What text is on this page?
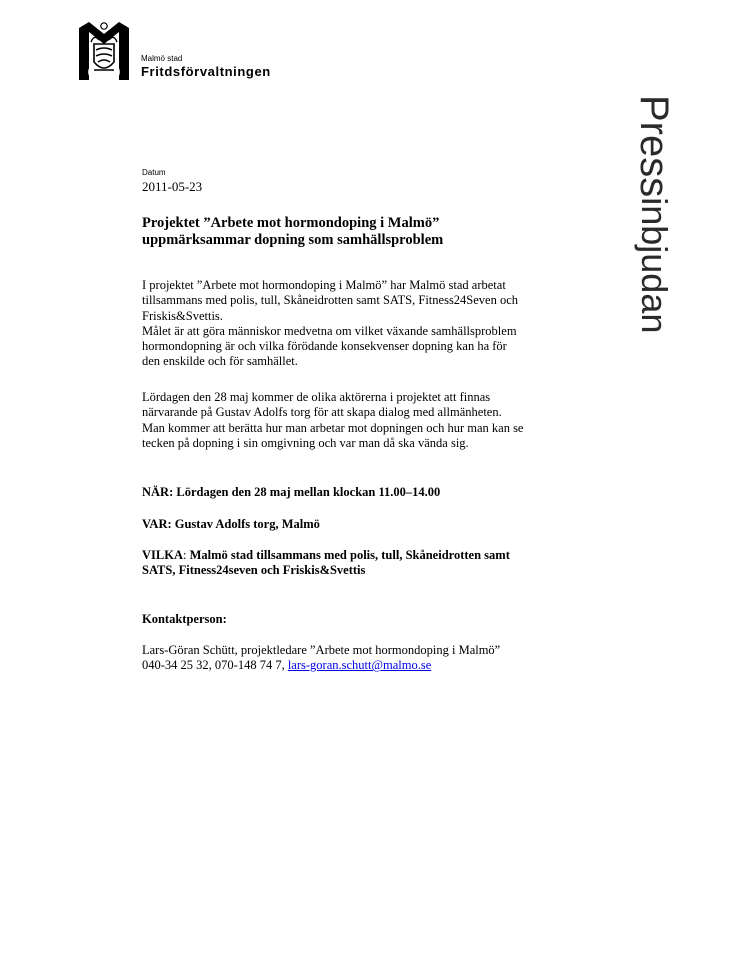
Malmö stad
Fritdsförvaltningen
Pressinbjudan
Datum
2011-05-23
Projektet ”Arbete mot hormondoping i Malmö”
uppmärksammar dopning som samhällsproblem
I projektet ”Arbete mot hormondoping i Malmö” har Malmö stad arbetat
tillsammans med polis, tull, Skåneidrotten samt SATS, Fitness24Seven och
Friskis&Svettis.
Målet är att göra människor medvetna om vilket växande samhällsproblem
hormondopning är och vilka förödande konsekvenser dopning kan ha för
den enskilde och för samhället.
Lördagen den 28 maj kommer de olika aktörerna i projektet att finnas
närvarande på Gustav Adolfs torg för att skapa dialog med allmänheten.
Man kommer att berätta hur man arbetar mot dopningen och hur man kan se
tecken på dopning i sin omgivning och var man då ska vända sig.
NÄR: Lördagen den 28 maj mellan klockan 11.00–14.00
VAR: Gustav Adolfs torg, Malmö
VILKA: Malmö stad tillsammans med polis, tull, Skåneidrotten samt
SATS, Fitness24seven och Friskis&Svettis
Kontaktperson:
Lars-Göran Schütt, projektledare ”Arbete mot hormondoping i Malmö”
040-34 25 32, 070-148 74 7, lars-goran.schutt@malmo.se
